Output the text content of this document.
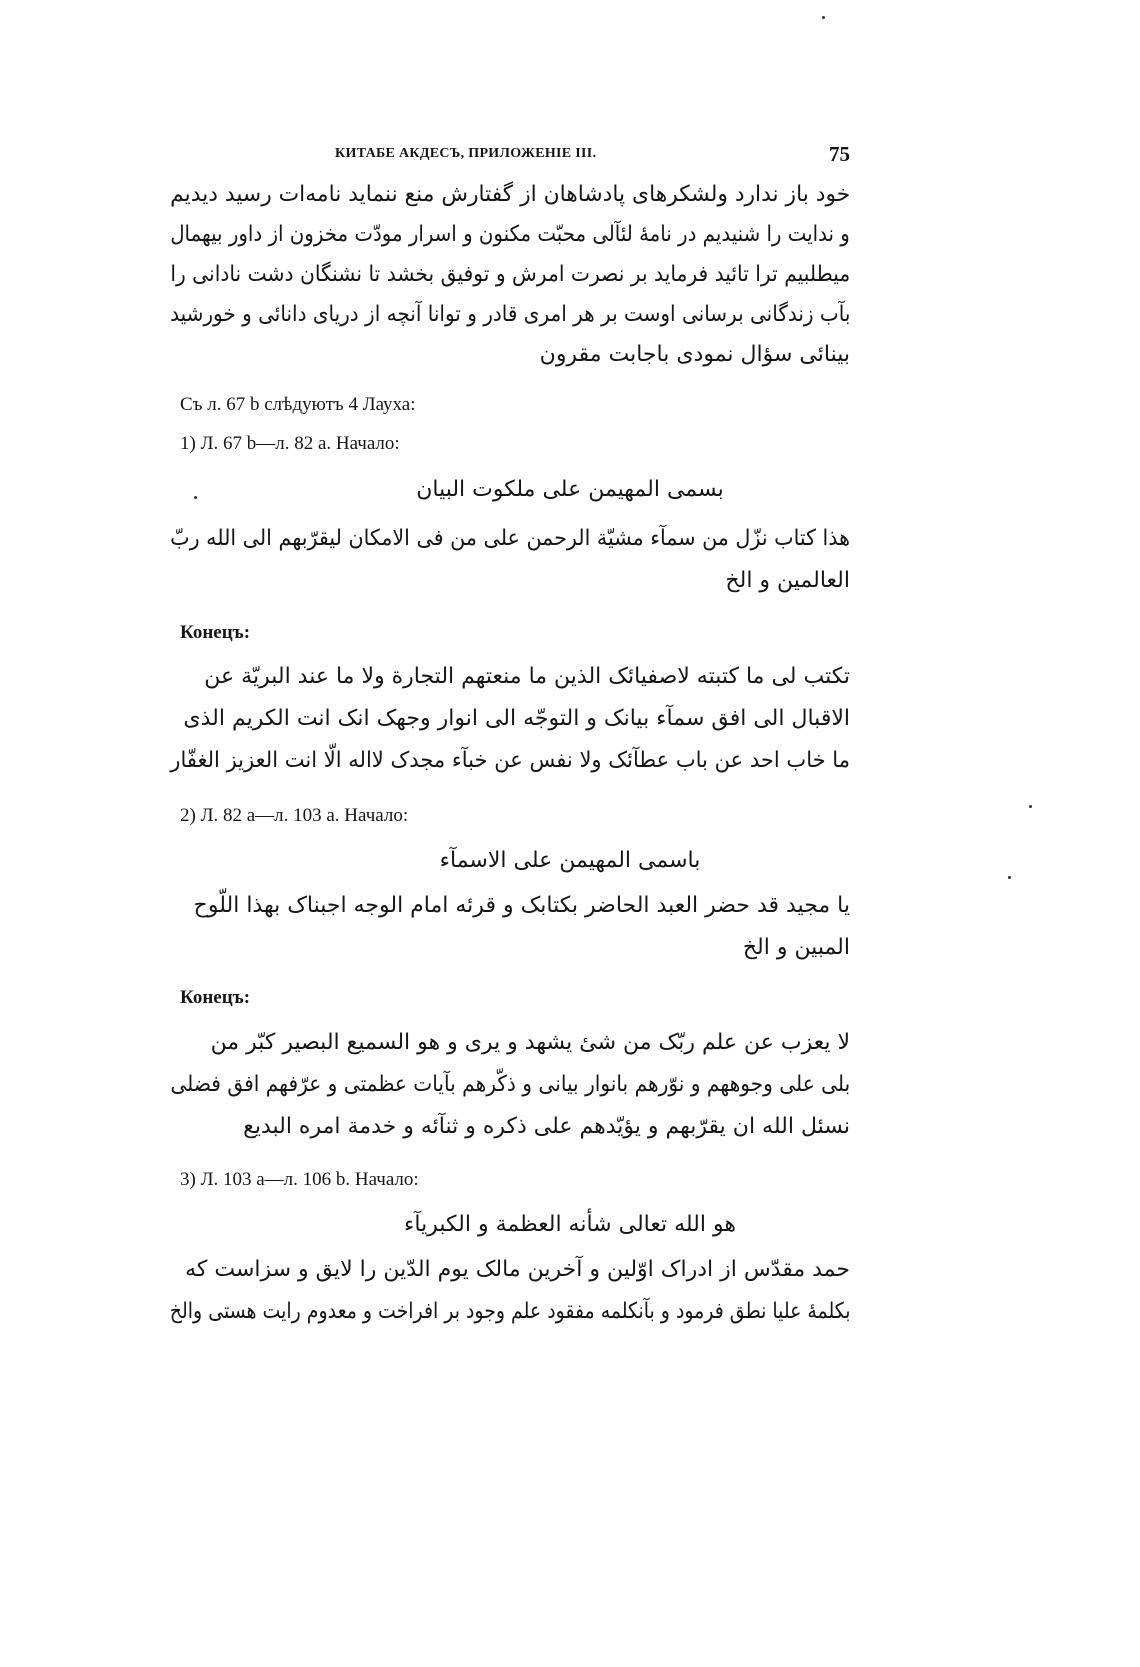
КИТАБЕ АКДЕСЪ, ПРИЛОЖЕНІЕ III.	75
خود باز ندارد ولشکرهای پادشاهان از گفتارش منع ننماید نامه‌ات رسید دیدیم
و ندایت را شنیدیم در نامهٔ لئآلی محبّت مکنون و اسرار مودّت مخزون از داور بیهمال
میطلبیم ترا تائید فرماید بر نصرت امرش و توفیق بخشد تا نشنگان دشت نادانی را
بآب زندگانی برسانی اوست بر هر امری قادر و توانا آنچه از دریای دانائی و خورشید
بینائی سؤال نمودی باجابت مقرون
Съ л. 67 b слѣдуютъ 4 Лауха:
1) Л. 67 b—л. 82 а. Начало:
بسمی المهیمن علی ملکوت البیان
هذا کتاب نزّل من سمآء مشیّة الرحمن علی من فی الامکان لیقرّبهم الی الله ربّ
العالمین و الخ
Конецъ:
تکتب لی ما کتبته لاصفیائک الذین ما منعتهم التجارة ولا ما عند البریّة عن
الاقبال الی افق سمآء بیانک و التوجّه الی انوار وجهک انک انت الکریم الذی
ما خاب احد عن باب عطآئک ولا نفس عن خبآء مجدک لااله الّا انت العزیز الغفّار
2) Л. 82 а—л. 103 а. Начало:
باسمی المهیمن علی الاسمآء
یا مجید قد حضر العبد الحاضر بکتابک و قرئه امام الوجه اجبناک بهذا اللّوح
المبین و الخ
Конецъ:
لا یعزب عن علم ربّک من شیٔ یشهد و یری و هو السمیع البصیر کبّر من
بلی علی وجوههم و نوّرهم بانوار بیانی و ذکّرهم بآیات عظمتی و عرّفهم افق فضلی
نسئل الله ان یقرّبهم و یؤیّدهم علی ذکره و ثنآئه و خدمة امره البدیع
3) Л. 103 а—л. 106 b. Начало:
هو الله تعالی شأنه العظمة و الکبریآء
حمد مقدّس از ادراک اوّلین و آخرین مالک یوم الدّین را لایق و سزاست که
بکلمهٔ علیا نطق فرمود و بآنکلمه مفقود علم وجود بر افراخت و معدوم رایت هستی والخ
